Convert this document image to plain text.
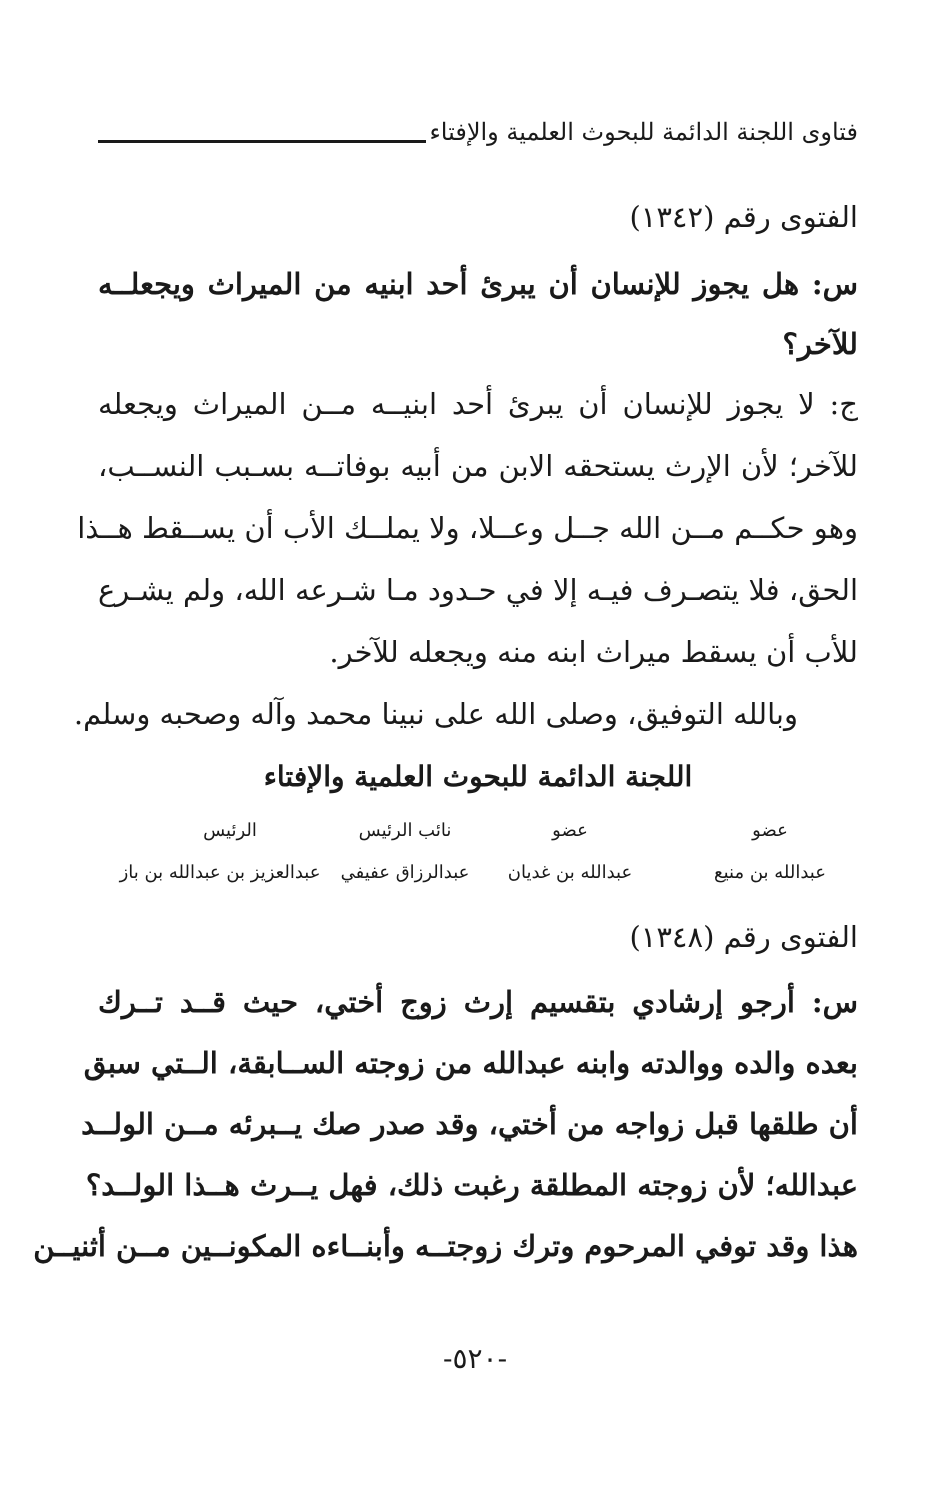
فتاوى اللجنة الدائمة للبحوث العلمية والإفتاء
الفتوى رقم (١٣٤٢)
س: هل يجوز للإنسان أن يبرئ أحد ابنيه من الميراث ويجعلــه
للآخر؟
ج: لا يجوز للإنسان أن يبرئ أحد ابنيــه مــن الميراث ويجعله
للآخر؛ لأن الإرث يستحقه الابن من أبيه بوفاتــه بسـبب النســب،
وهو حكــم مــن الله جــل وعــلا، ولا يملــك الأب أن يســقط هــذا
الحق، فلا يتصـرف فيـه إلا في حـدود مـا شـرعه الله، ولم يشـرع
للأب أن يسقط ميراث ابنه منه ويجعله للآخر.
وبالله التوفيق، وصلى الله على نبينا محمد وآله وصحبه وسلم.
اللجنة الدائمة للبحوث العلمية والإفتاء
عضو
عضو
نائب الرئيس
الرئيس
عبدالله بن منيع
عبدالله بن غديان
عبدالرزاق عفيفي
عبدالعزيز بن عبدالله بن باز
الفتوى رقم (١٣٤٨)
س: أرجو إرشادي بتقسيم إرث زوج أختي، حيث قــد تــرك
بعده والده ووالدته وابنه عبدالله من زوجته الســابقة، الــتي سبق
أن طلقها قبل زواجه من أختي، وقد صدر صك يــبرئه مــن الولــد
عبدالله؛ لأن زوجته المطلقة رغبت ذلك، فهل يــرث هــذا الولــد؟
هذا وقد توفي المرحوم وترك زوجتــه وأبنــاءه المكونــين مــن أثنيــن
-٥٢٠-
